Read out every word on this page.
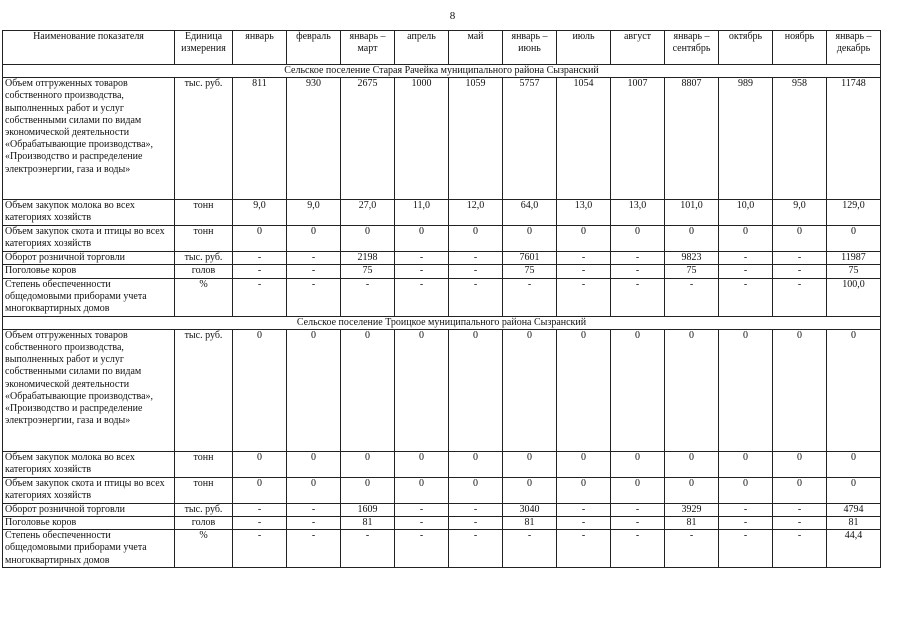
8
Наименование показателя	Единица измерения	январь	февраль	январь – март	апрель	май	январь – июнь	июль	август	январь – сентябрь	октябрь	ноябрь	январь – декабрь
Сельское поселение Старая Рачейка муниципального района Сызранский													
Объем отгруженных товаров собственного производства, выполненных работ и услуг собственными силами по видам экономической деятельности «Обрабатывающие производства», «Производство и распределение электроэнергии, газа и воды»	тыс. руб.	811	930	2675	1000	1059	5757	1054	1007	8807	989	958	11748
Объем закупок молока во всех категориях хозяйств	тонн	9,0	9,0	27,0	11,0	12,0	64,0	13,0	13,0	101,0	10,0	9,0	129,0
Объем закупок скота и птицы во всех категориях хозяйств	тонн	0	0	0	0	0	0	0	0	0	0	0	0
Оборот розничной торговли	тыс. руб.	-	-	2198	-	-	7601	-	-	9823	-	-	11987
Поголовье коров	голов	-	-	75	-	-	75	-	-	75	-	-	75
Степень обеспеченности общедомовыми приборами учета многоквартирных домов	%	-	-	-	-	-	-	-	-	-	-	-	100,0
Сельское поселение Троицкое муниципального района Сызранский													
Объем отгруженных товаров собственного производства, выполненных работ и услуг собственными силами по видам экономической деятельности «Обрабатывающие производства», «Производство и распределение электроэнергии, газа и воды»	тыс. руб.	0	0	0	0	0	0	0	0	0	0	0	0
Объем закупок молока во всех категориях хозяйств	тонн	0	0	0	0	0	0	0	0	0	0	0	0
Объем закупок скота и птицы во всех категориях хозяйств	тонн	0	0	0	0	0	0	0	0	0	0	0	0
Оборот розничной торговли	тыс. руб.	-	-	1609	-	-	3040	-	-	3929	-	-	4794
Поголовье коров	голов	-	-	81	-	-	81	-	-	81	-	-	81
Степень обеспеченности общедомовыми приборами учета многоквартирных домов	%	-	-	-	-	-	-	-	-	-	-	-	44,4
